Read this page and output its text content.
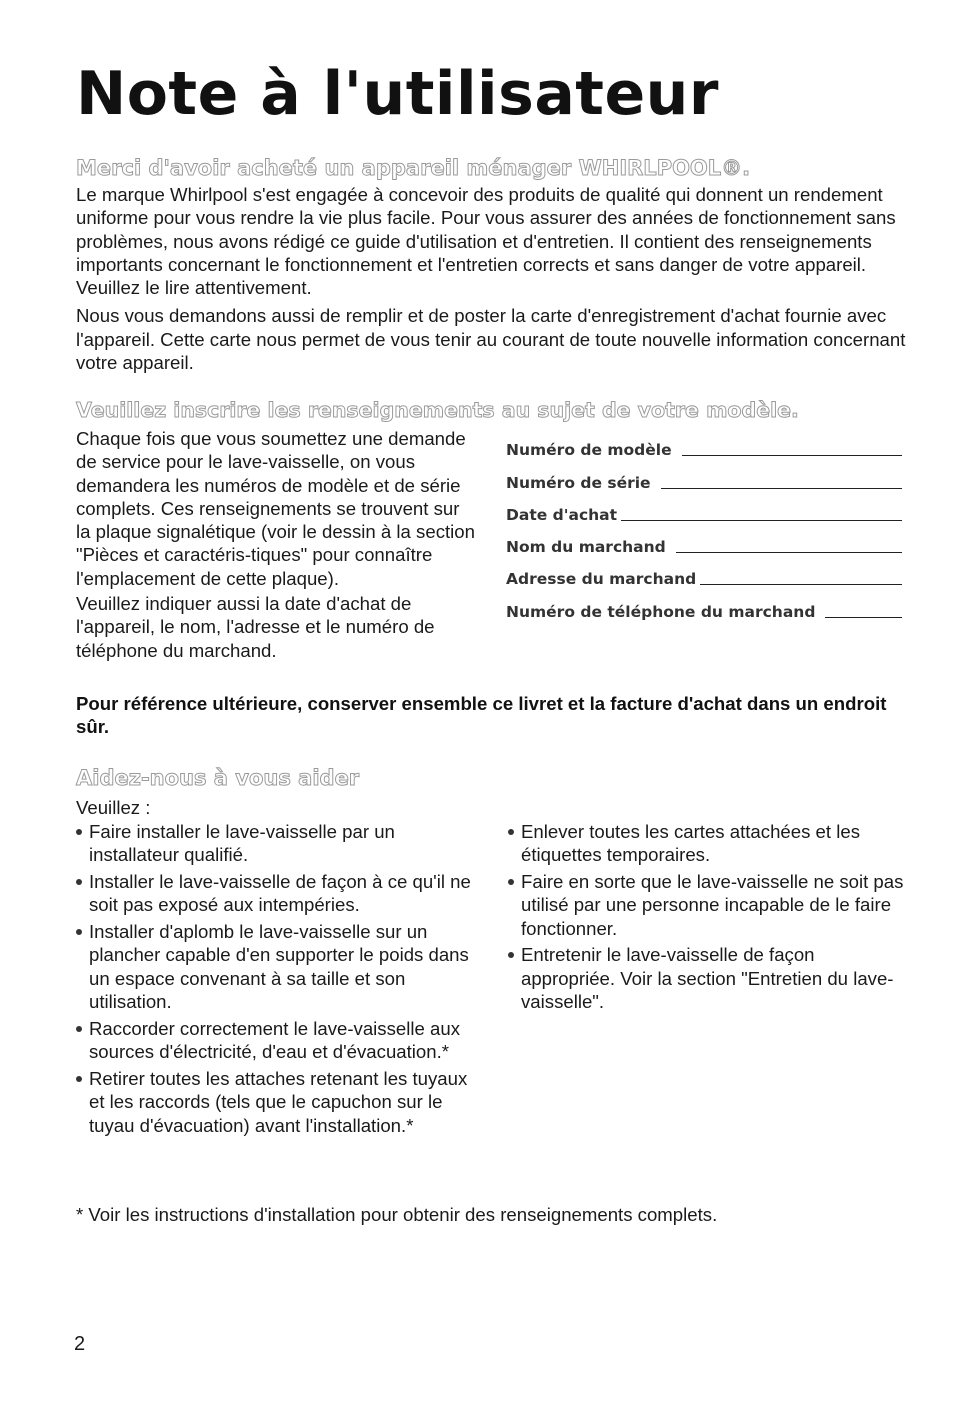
Note à l'utilisateur
Merci d'avoir acheté un appareil ménager WHIRLPOOL®.

Le marque Whirlpool s'est engagée à concevoir des produits de qualité qui donnent un rendement uniforme pour vous rendre la vie plus facile. Pour vous assurer des années de fonctionnement sans problèmes, nous avons rédigé ce guide d'utilisation et d'entretien. Il contient des renseignements importants concernant le fonctionnement et l'entretien corrects et sans danger de votre appareil. Veuillez le lire attentivement.

Nous vous demandons aussi de remplir et de poster la carte d'enregistrement d'achat fournie avec l'appareil. Cette carte nous permet de vous tenir au courant de toute nouvelle information concernant votre appareil.

Veuillez inscrire les renseignements au sujet de votre modèle.

Chaque fois que vous soumettez une demande de service pour le lave-vaisselle, on vous demandera les numéros de modèle et de série complets. Ces renseignements se trouvent sur la plaque signalétique (voir le dessin à la section "Pièces et caractéris-tiques" pour connaître l'emplacement de cette plaque).

Veuillez indiquer aussi la date d'achat de l'appareil, le nom, l'adresse et le numéro de téléphone du marchand.

Numéro de modèle
Numéro de série
Date d'achat
Nom du marchand
Adresse du marchand
Numéro de téléphone du marchand

Pour référence ultérieure, conserver ensemble ce livret et la facture d'achat dans un endroit sûr.

Aidez-nous à vous aider
Veuillez :
Faire installer le lave-vaisselle par un installateur qualifié.
Installer le lave-vaisselle de façon à ce qu'il ne soit pas exposé aux intempéries.
Installer d'aplomb le lave-vaisselle sur un plancher capable d'en supporter le poids dans un espace convenant à sa taille et son utilisation.
Raccorder correctement le lave-vaisselle aux sources d'électricité, d'eau et d'évacuation.*
Retirer toutes les attaches retenant les tuyaux et les raccords (tels que le capuchon sur le tuyau d'évacuation) avant l'installation.*
Enlever toutes les cartes attachées et les étiquettes temporaires.
Faire en sorte que le lave-vaisselle ne soit pas utilisé par une personne incapable de le faire fonctionner.
Entretenir le lave-vaisselle de façon appropriée. Voir la section "Entretien du lave-vaisselle".
* Voir les instructions d'installation pour obtenir des renseignements complets.
2
